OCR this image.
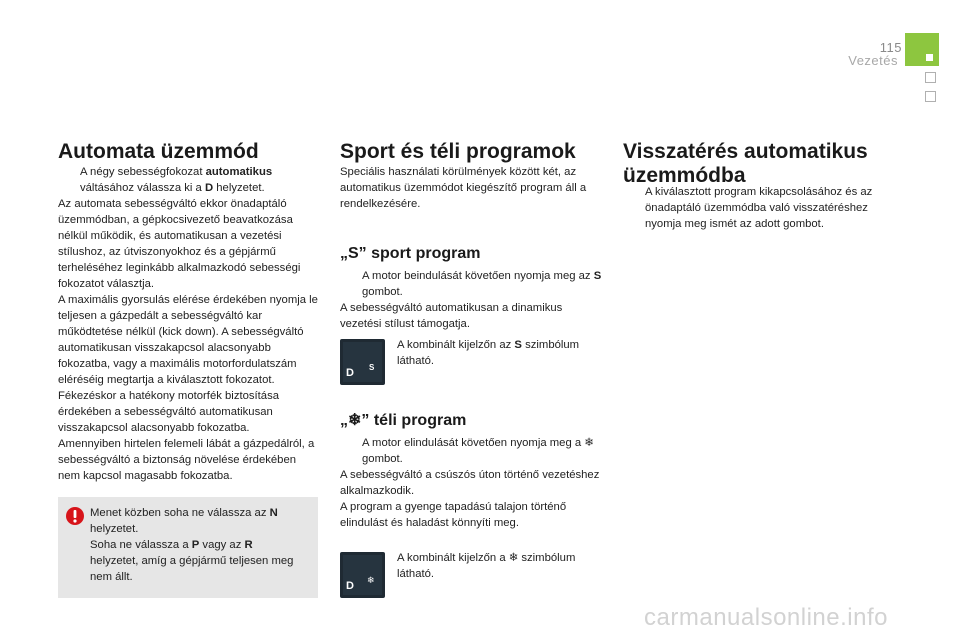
115
Vezetés
Automata üzemmód
A négy sebességfokozat automatikus váltásához válassza ki a D helyzetet.
Az automata sebességváltó ekkor önadaptáló üzemmódban, a gépkocsivezető beavatkozása nélkül működik, és automatikusan a vezetési stílushoz, az útviszonyokhoz és a gépjármű terheléséhez leginkább alkalmazkodó sebességi fokozatot választja.
A maximális gyorsulás elérése érdekében nyomja le teljesen a gázpedált a sebességváltó kar működtetése nélkül (kick down). A sebességváltó automatikusan visszakapcsol alacsonyabb fokozatba, vagy a maximális motorfordulatszám eléréséig megtartja a kiválasztott fokozatot.
Fékezéskor a hatékony motorfék biztosítása érdekében a sebességváltó automatikusan visszakapcsol alacsonyabb fokozatba.
Amennyiben hirtelen felemeli lábát a gázpedálról, a sebességváltó a biztonság növelése érdekében nem kapcsol magasabb fokozatba.
Menet közben soha ne válassza az N
helyzetet.
Soha ne válassza a P vagy az R
helyzetet, amíg a gépjármű teljesen meg nem állt.
Sport és téli programok
Speciális használati körülmények között két, az automatikus üzemmódot kiegészítő program áll a rendelkezésére.
„S” sport program
A motor beindulását követően nyomja meg az S gombot.
A sebességváltó automatikusan a dinamikus vezetési stílust támogatja.
D S
A kombinált kijelzőn az S szimbólum látható.
„❄” téli program
A motor elindulását követően nyomja meg a ❄ gombot.
A sebességváltó a csúszós úton történő vezetéshez alkalmazkodik.
A program a gyenge tapadású talajon történő elindulást és haladást könnyíti meg.
D ❄
A kombinált kijelzőn a ❄ szimbólum látható.
Visszatérés automatikus üzemmódba
A kiválasztott program kikapcsolásához és az önadaptáló üzemmódba való visszatéréshez nyomja meg ismét az adott gombot.
carmanualsonline.info
